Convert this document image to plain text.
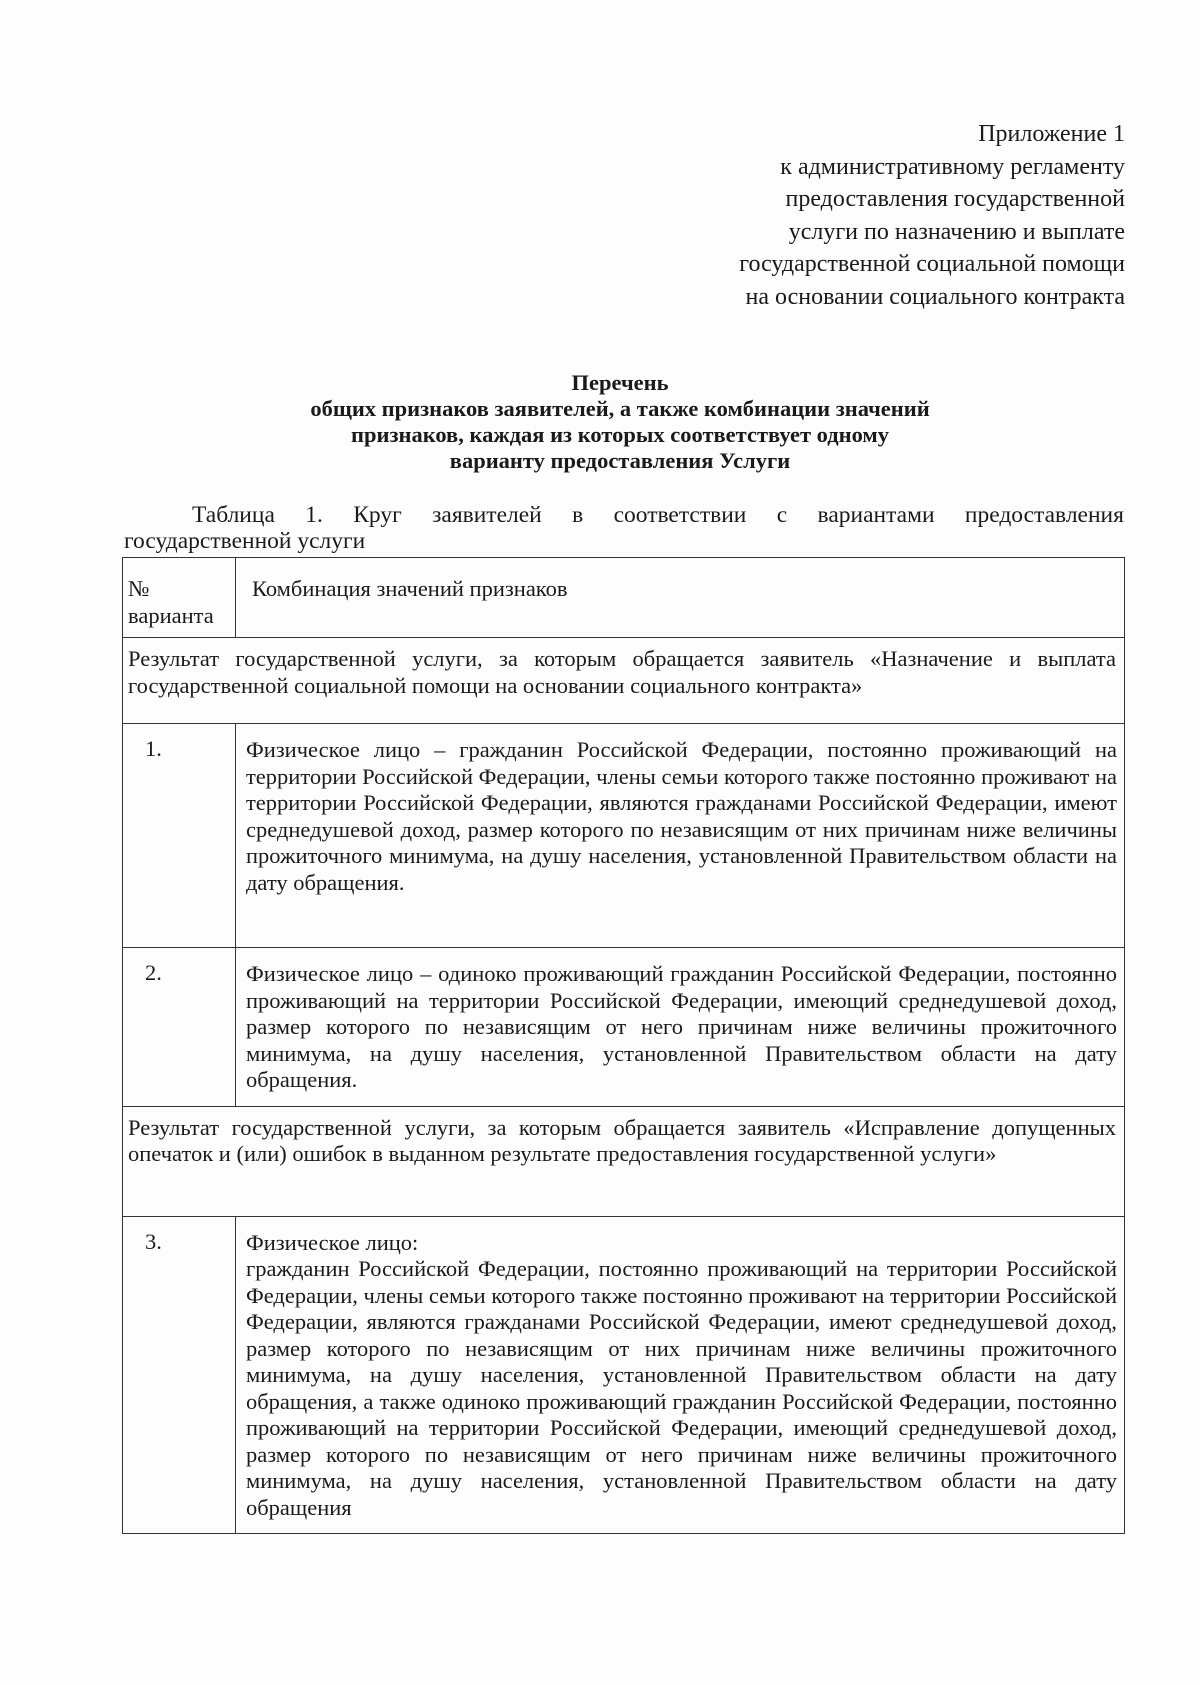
Приложение 1
к административному регламенту
предоставления государственной
услуги по назначению и выплате
государственной социальной помощи
на основании социального контракта
Перечень
общих признаков заявителей, а также комбинации значений
признаков, каждая из которых соответствует одному
варианту предоставления Услуги
Таблица 1. Круг заявителей в соответствии с вариантами предоставления
государственной услуги
№ варианта	Комбинация значений признаков
Результат государственной услуги, за которым обращается заявитель «Назначение и выплата государственной социальной помощи на основании социального контракта»	
1.	Физическое лицо – гражданин Российской Федерации, постоянно проживающий на территории Российской Федерации, члены семьи которого также постоянно проживают на территории Российской Федерации, являются гражданами Российской Федерации, имеют среднедушевой доход, размер которого по независящим от них причинам ниже величины прожиточного минимума, на душу населения, установленной Правительством области на дату обращения.
2.	Физическое лицо – одиноко проживающий гражданин Российской Федерации, постоянно проживающий на территории Российской Федерации, имеющий среднедушевой доход, размер которого по независящим от него причинам ниже величины прожиточного минимума, на душу населения, установленной Правительством области на дату обращения.
Результат государственной услуги, за которым обращается заявитель «Исправление допущенных опечаток и (или) ошибок в выданном результате предоставления государственной услуги»	
3.	Физическое лицо:
гражданин Российской Федерации, постоянно проживающий на территории Российской Федерации, члены семьи которого также постоянно проживают на территории Российской Федерации, являются гражданами Российской Федерации, имеют среднедушевой доход, размер которого по независящим от них причинам ниже величины прожиточного минимума, на душу населения, установленной Правительством области на дату обращения, а также одиноко проживающий гражданин Российской Федерации, постоянно проживающий на территории Российской Федерации, имеющий среднедушевой доход, размер которого по независящим от него причинам ниже величины прожиточного минимума, на душу населения, установленной Правительством области на дату обращения
